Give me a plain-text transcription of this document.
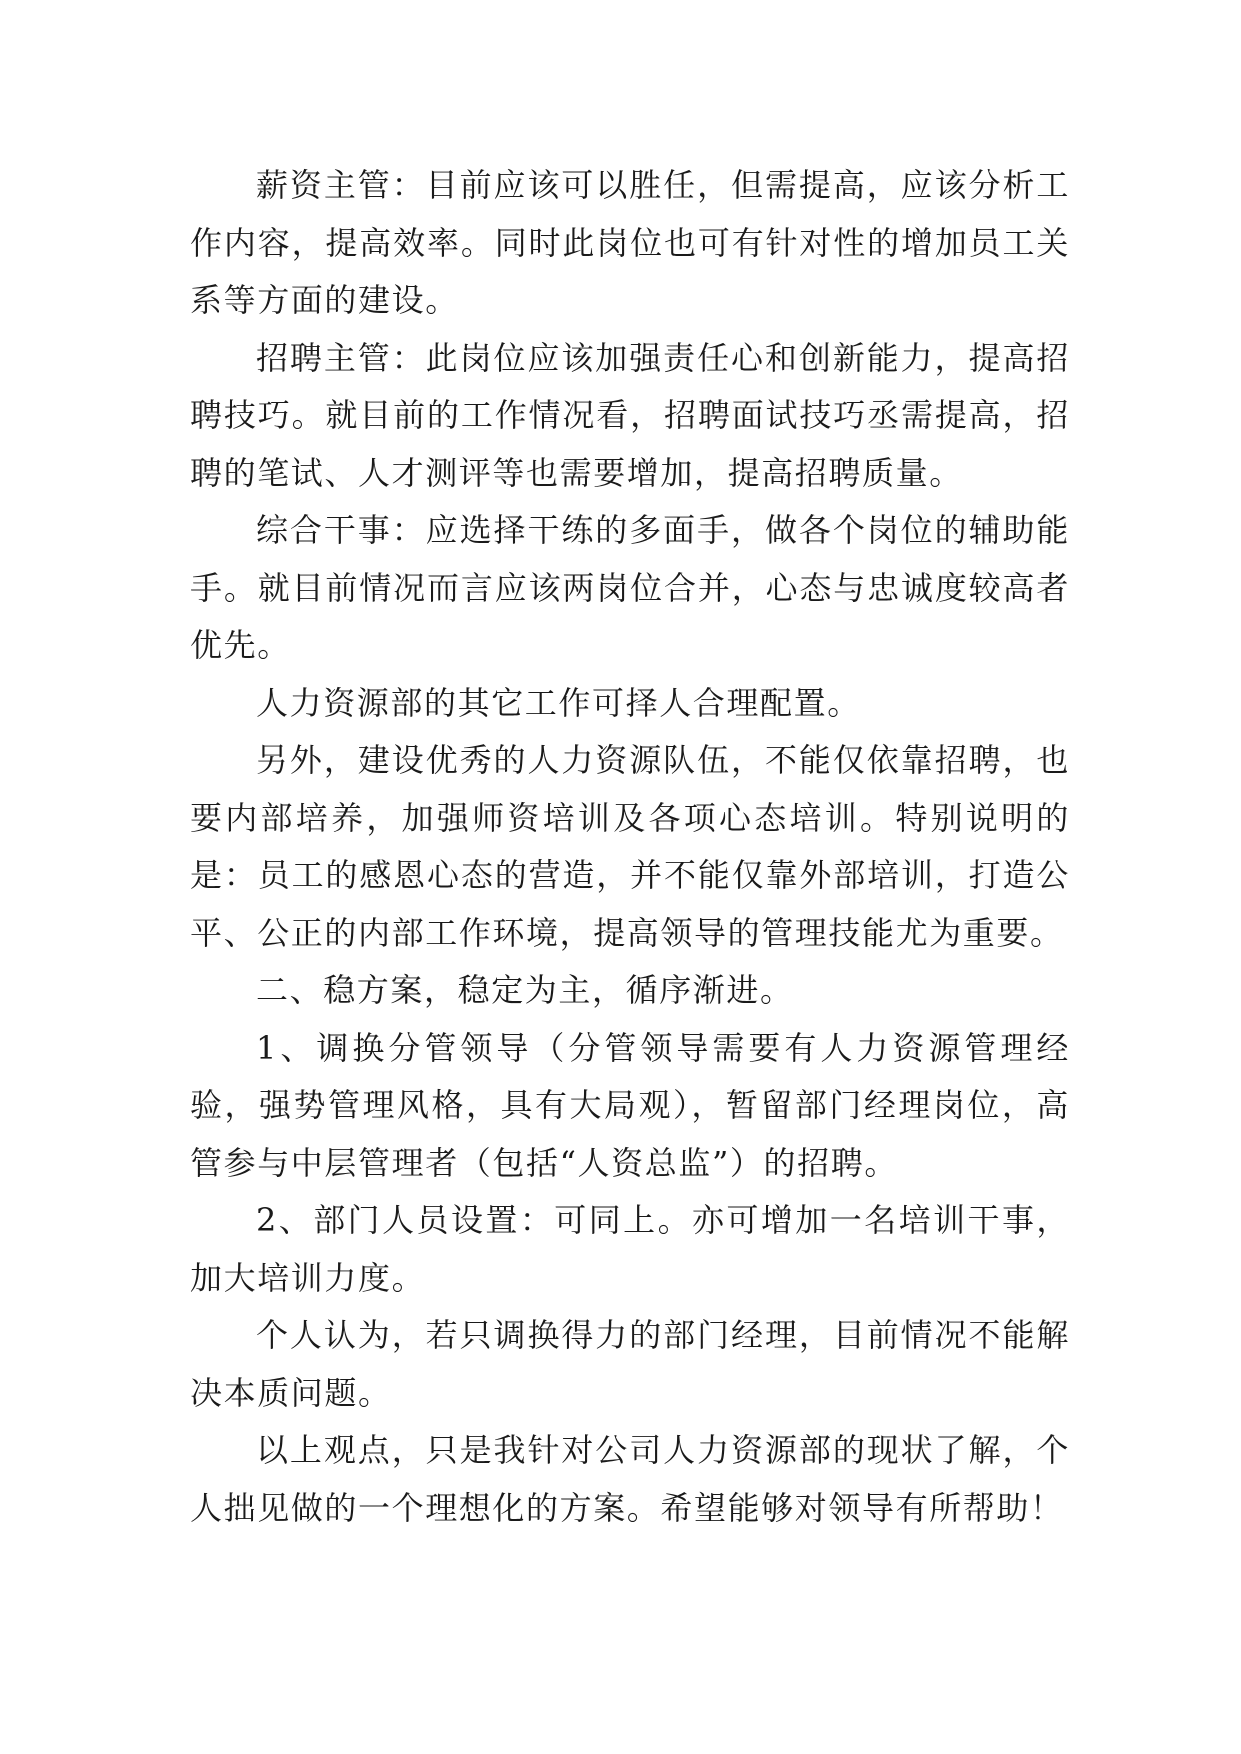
薪资主管：目前应该可以胜任，但需提高，应该分析工作内容，提高效率。同时此岗位也可有针对性的增加员工关系等方面的建设。

招聘主管：此岗位应该加强责任心和创新能力，提高招聘技巧。就目前的工作情况看，招聘面试技巧丞需提高，招聘的笔试、人才测评等也需要增加，提高招聘质量。

综合干事：应选择干练的多面手，做各个岗位的辅助能手。就目前情况而言应该两岗位合并，心态与忠诚度较高者优先。

人力资源部的其它工作可择人合理配置。

另外，建设优秀的人力资源队伍，不能仅依靠招聘，也要内部培养，加强师资培训及各项心态培训。特别说明的是：员工的感恩心态的营造，并不能仅靠外部培训，打造公平、公正的内部工作环境，提高领导的管理技能尤为重要。

二、稳方案，稳定为主，循序渐进。

1、调换分管领导（分管领导需要有人力资源管理经验，强势管理风格，具有大局观），暂留部门经理岗位，高管参与中层管理者（包括“人资总监”）的招聘。

2、部门人员设置：可同上。亦可增加一名培训干事，加大培训力度。

个人认为，若只调换得力的部门经理，目前情况不能解决本质问题。

以上观点，只是我针对公司人力资源部的现状了解，个人拙见做的一个理想化的方案。希望能够对领导有所帮助！
